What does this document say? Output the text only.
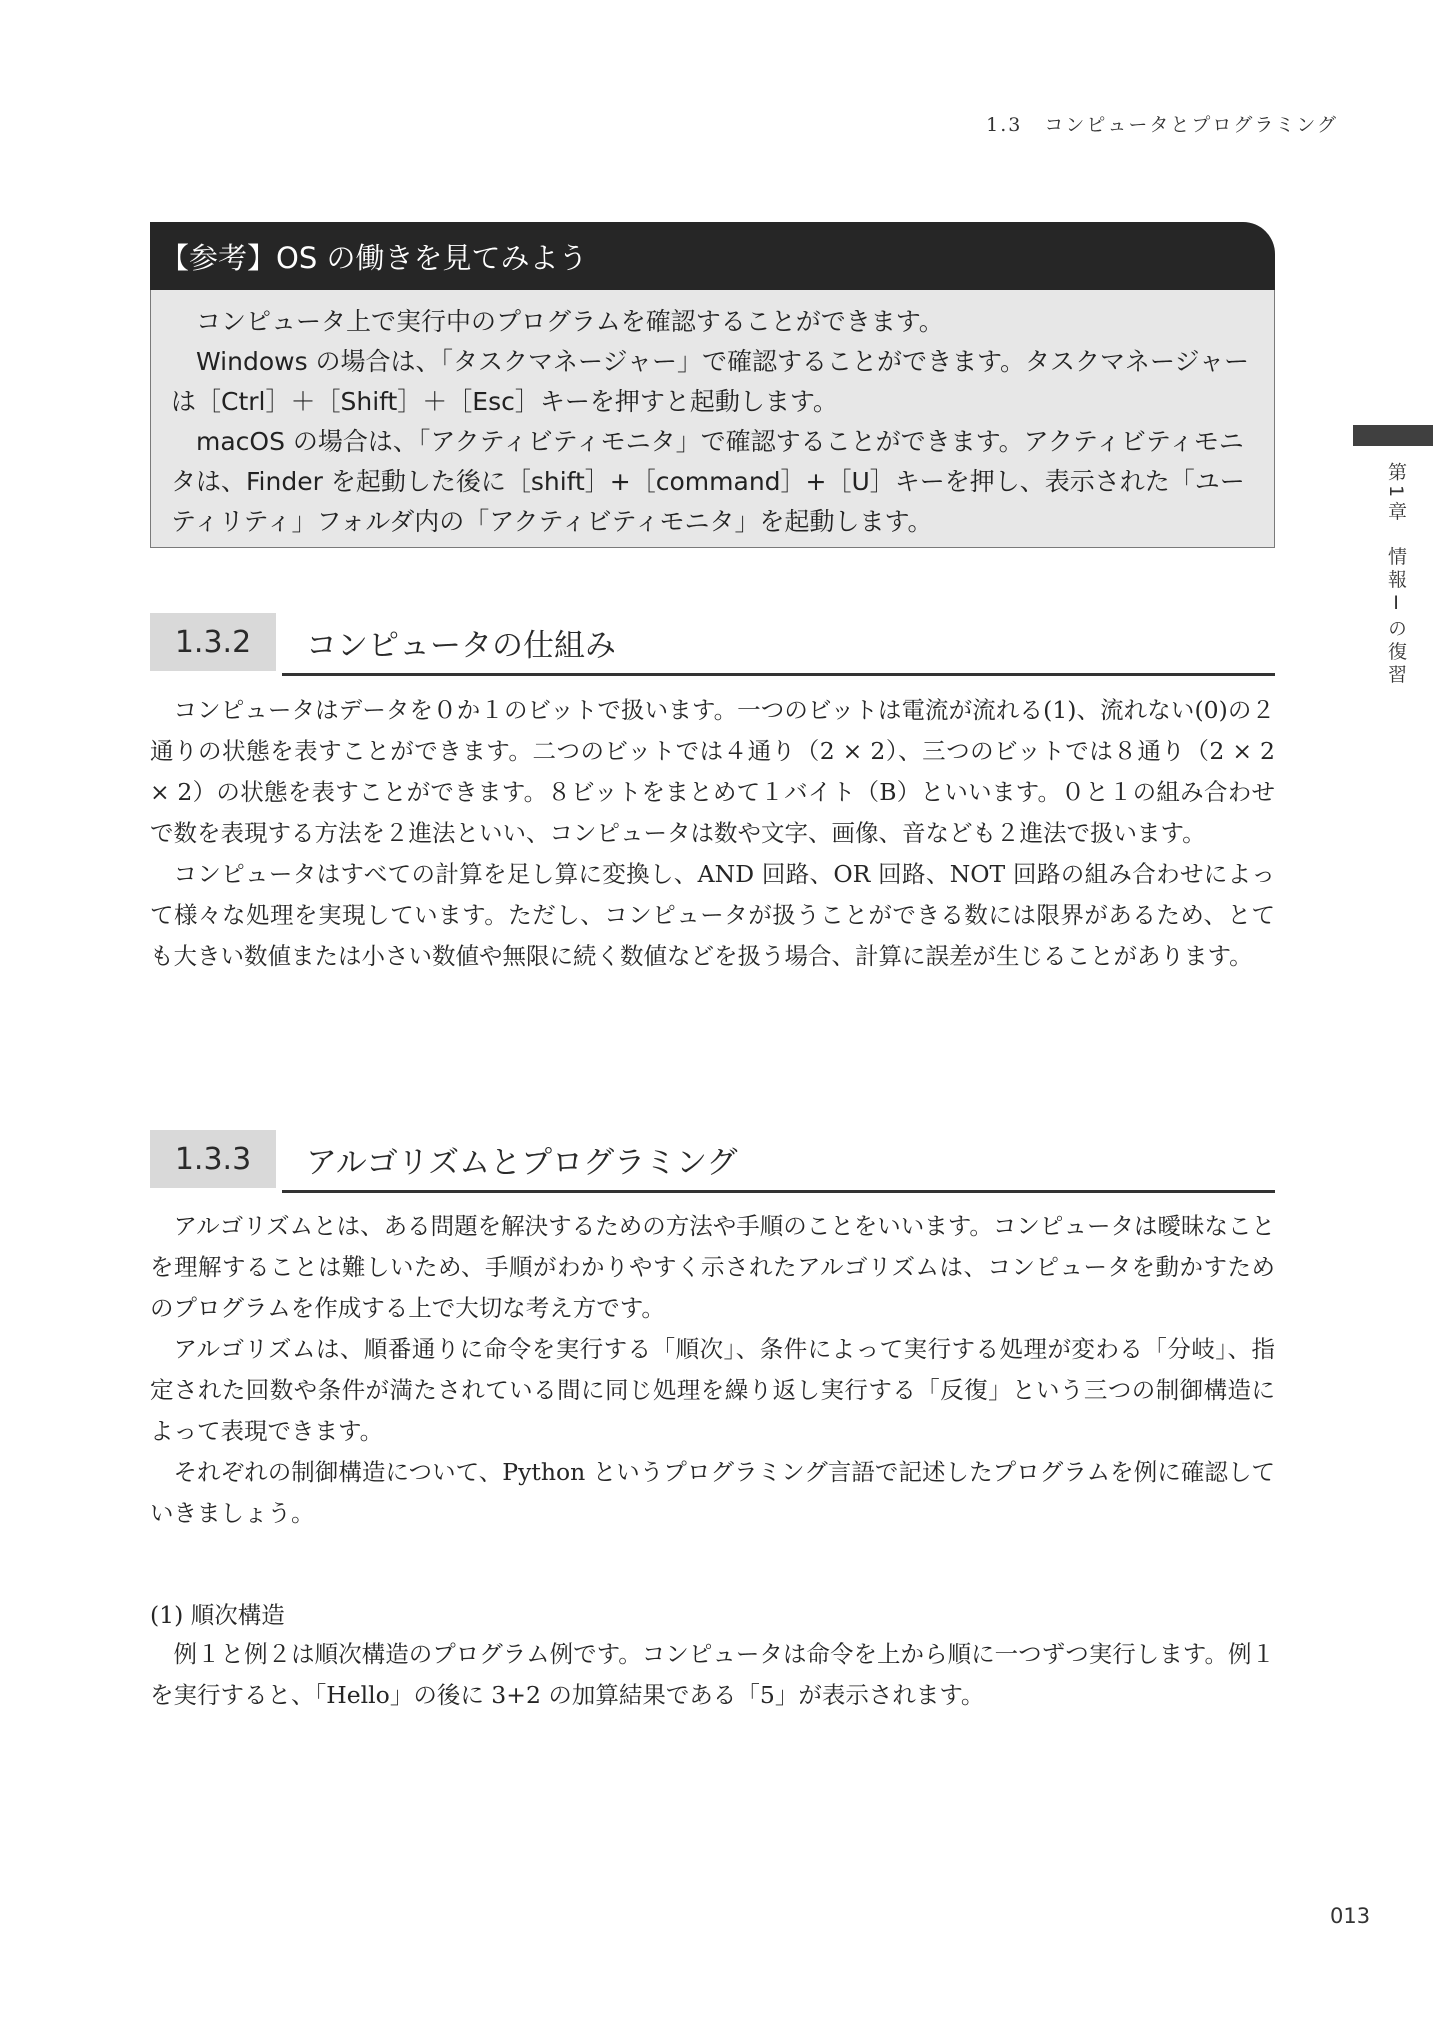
1.3 コンピュータとプログラミング
【参考】OS の働きを見てみよう

コンピュータ上で実行中のプログラムを確認することができます。

Windows の場合は、「タスクマネージャー」で確認することができます。タスクマネージャーは［Ctrl］＋［Shift］＋［Esc］キーを押すと起動します。

macOS の場合は、「アクティビティモニタ」で確認することができます。アクティビティモニタは、Finder を起動した後に［shift］+［command］+［U］キーを押し、表示された「ユーティリティ」フォルダ内の「アクティビティモニタ」を起動します。	第1章情報Ⅰの復習
1.3.2	コンピュータの仕組み

コンピュータはデータを０か１のビットで扱います。一つのビットは電流が流れる(1)、流れない(0)の２通りの状態を表すことができます。二つのビットでは４通り（2 × 2）、三つのビットでは８通り（2 × 2 × 2）の状態を表すことができます。８ビットをまとめて１バイト（B）といいます。０と１の組み合わせで数を表現する方法を２進法といい、コンピュータは数や文字、画像、音なども２進法で扱います。

コンピュータはすべての計算を足し算に変換し、AND 回路、OR 回路、NOT 回路の組み合わせによって様々な処理を実現しています。ただし、コンピュータが扱うことができる数には限界があるため、とても大きい数値または小さい数値や無限に続く数値などを扱う場合、計算に誤差が生じることがあります。

1.3.3	アルゴリズムとプログラミング

アルゴリズムとは、ある問題を解決するための方法や手順のことをいいます。コンピュータは曖昧なことを理解することは難しいため、手順がわかりやすく示されたアルゴリズムは、コンピュータを動かすためのプログラムを作成する上で大切な考え方です。

アルゴリズムは、順番通りに命令を実行する「順次」、条件によって実行する処理が変わる「分岐」、指定された回数や条件が満たされている間に同じ処理を繰り返し実行する「反復」という三つの制御構造によって表現できます。

それぞれの制御構造について、Python というプログラミング言語で記述したプログラムを例に確認していきましょう。

(1) 順次構造

例１と例２は順次構造のプログラム例です。コンピュータは命令を上から順に一つずつ実行します。例１を実行すると、「Hello」の後に 3+2 の加算結果である「5」が表示されます。

013
